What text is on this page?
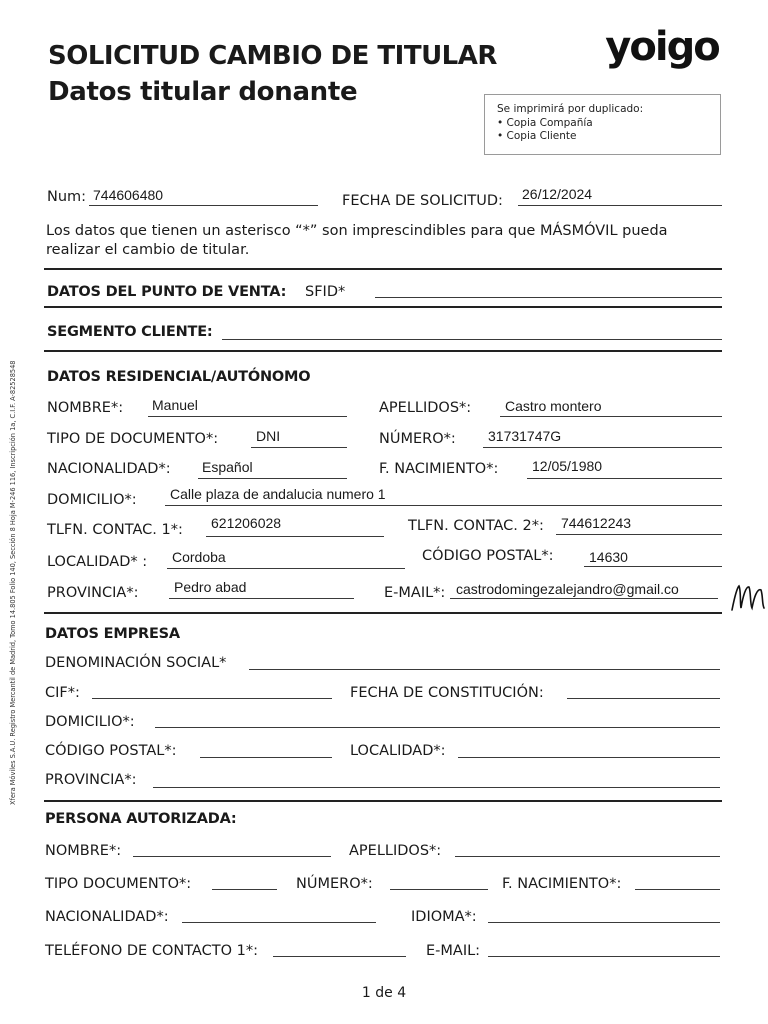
SOLICITUD CAMBIO DE TITULAR
Datos titular donante
yoigo
Se imprimirá por duplicado:
• Copia Compañía
• Copia Cliente
Num: 744606480	FECHA DE SOLICITUD: 26/12/2024
Los datos que tienen un asterisco “*” son imprescindibles para que MÁSMÓVIL pueda realizar el cambio de titular.
DATOS DEL PUNTO DE VENTA: SFID*
SEGMENTO CLIENTE:
DATOS RESIDENCIAL/AUTÓNOMO
NOMBRE*: Manuel	APELLIDOS*: Castro montero
TIPO DE DOCUMENTO*:	DNI	NÚMERO*: 31731747G
NACIONALIDAD*: Español	F. NACIMIENTO*: 12/05/1980
DOMICILIO*: Calle plaza de andalucia numero 1
TLFN. CONTAC. 1*: 621206028	TLFN. CONTAC. 2*: 744612243
LOCALIDAD* : Cordoba	CÓDIGO POSTAL*:	14630
PROVINCIA*:	Pedro abad	E-MAIL*: castrodomingezalejandro@gmail.co
DATOS EMPRESA
DENOMINACIÓN SOCIAL*
CIF*:	FECHA DE CONSTITUCIÓN:
DOMICILIO*:
CÓDIGO POSTAL*:	LOCALIDAD*:
PROVINCIA*:
PERSONA AUTORIZADA:
NOMBRE*:	APELLIDOS*:
TIPO DOCUMENTO*:	NÚMERO*:	F. NACIMIENTO*:
NACIONALIDAD*:	IDIOMA*:
TELÉFONO DE CONTACTO 1*:	E-MAIL:
Xfera Móviles S.A.U. Registro Mercantil de Madrid, Tomo 14.805 Folio 140, Sección 8 Hoja M-246 116, Inscripción 1a, C.I.F. A-82528548
1 de 4
